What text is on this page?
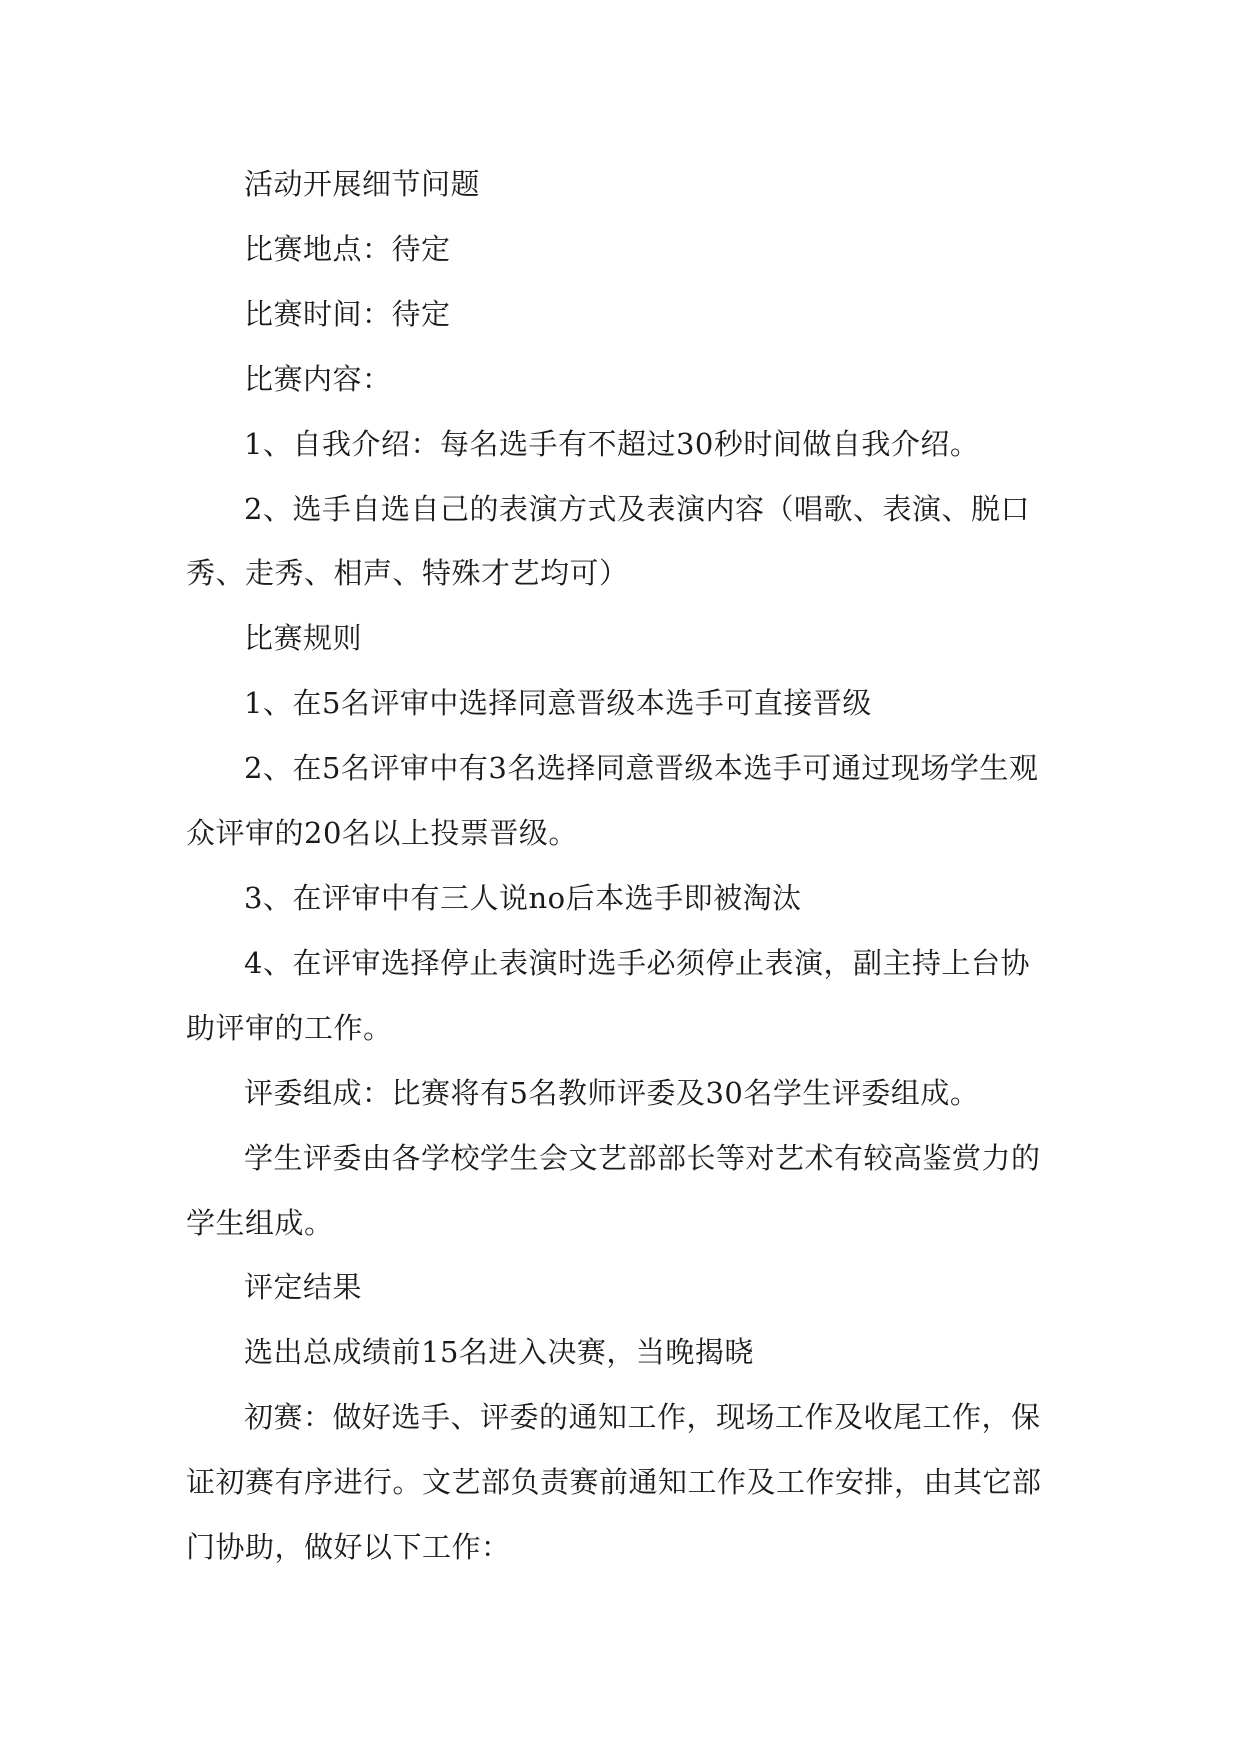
活动开展细节问题

比赛地点：待定

比赛时间：待定

比赛内容：

1、自我介绍：每名选手有不超过30秒时间做自我介绍。

2、选手自选自己的表演方式及表演内容（唱歌、表演、脱口秀、走秀、相声、特殊才艺均可）

比赛规则

1、在5名评审中选择同意晋级本选手可直接晋级

2、在5名评审中有3名选择同意晋级本选手可通过现场学生观众评审的20名以上投票晋级。

3、在评审中有三人说no后本选手即被淘汰

4、在评审选择停止表演时选手必须停止表演，副主持上台协助评审的工作。

评委组成：比赛将有5名教师评委及30名学生评委组成。

学生评委由各学校学生会文艺部部长等对艺术有较高鉴赏力的学生组成。

评定结果

选出总成绩前15名进入决赛，当晚揭晓

初赛：做好选手、评委的通知工作，现场工作及收尾工作，保证初赛有序进行。文艺部负责赛前通知工作及工作安排，由其它部门协助，做好以下工作：
